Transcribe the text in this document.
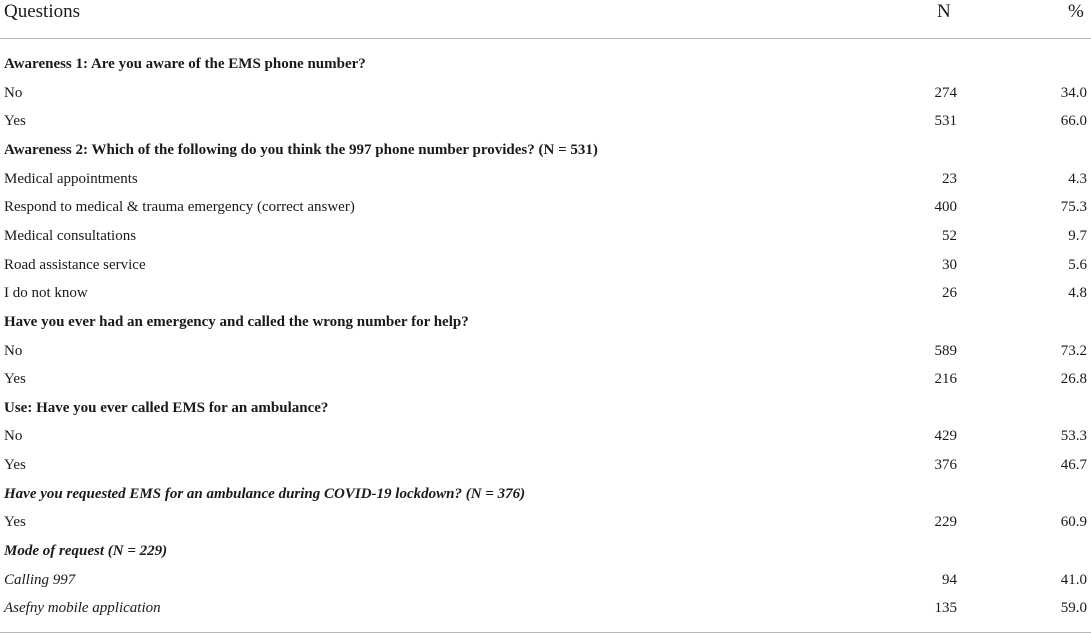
Questions	N	%
Awareness 1: Are you aware of the EMS phone number?
No	274	34.0
Yes	531	66.0
Awareness 2: Which of the following do you think the 997 phone number provides? (N = 531)
Medical appointments	23	4.3
Respond to medical & trauma emergency (correct answer)	400	75.3
Medical consultations	52	9.7
Road assistance service	30	5.6
I do not know	26	4.8
Have you ever had an emergency and called the wrong number for help?
No	589	73.2
Yes	216	26.8
Use: Have you ever called EMS for an ambulance?
No	429	53.3
Yes	376	46.7
Have you requested EMS for an ambulance during COVID-19 lockdown? (N = 376)
Yes	229	60.9
Mode of request (N = 229)
Calling 997	94	41.0
Asefny mobile application	135	59.0
